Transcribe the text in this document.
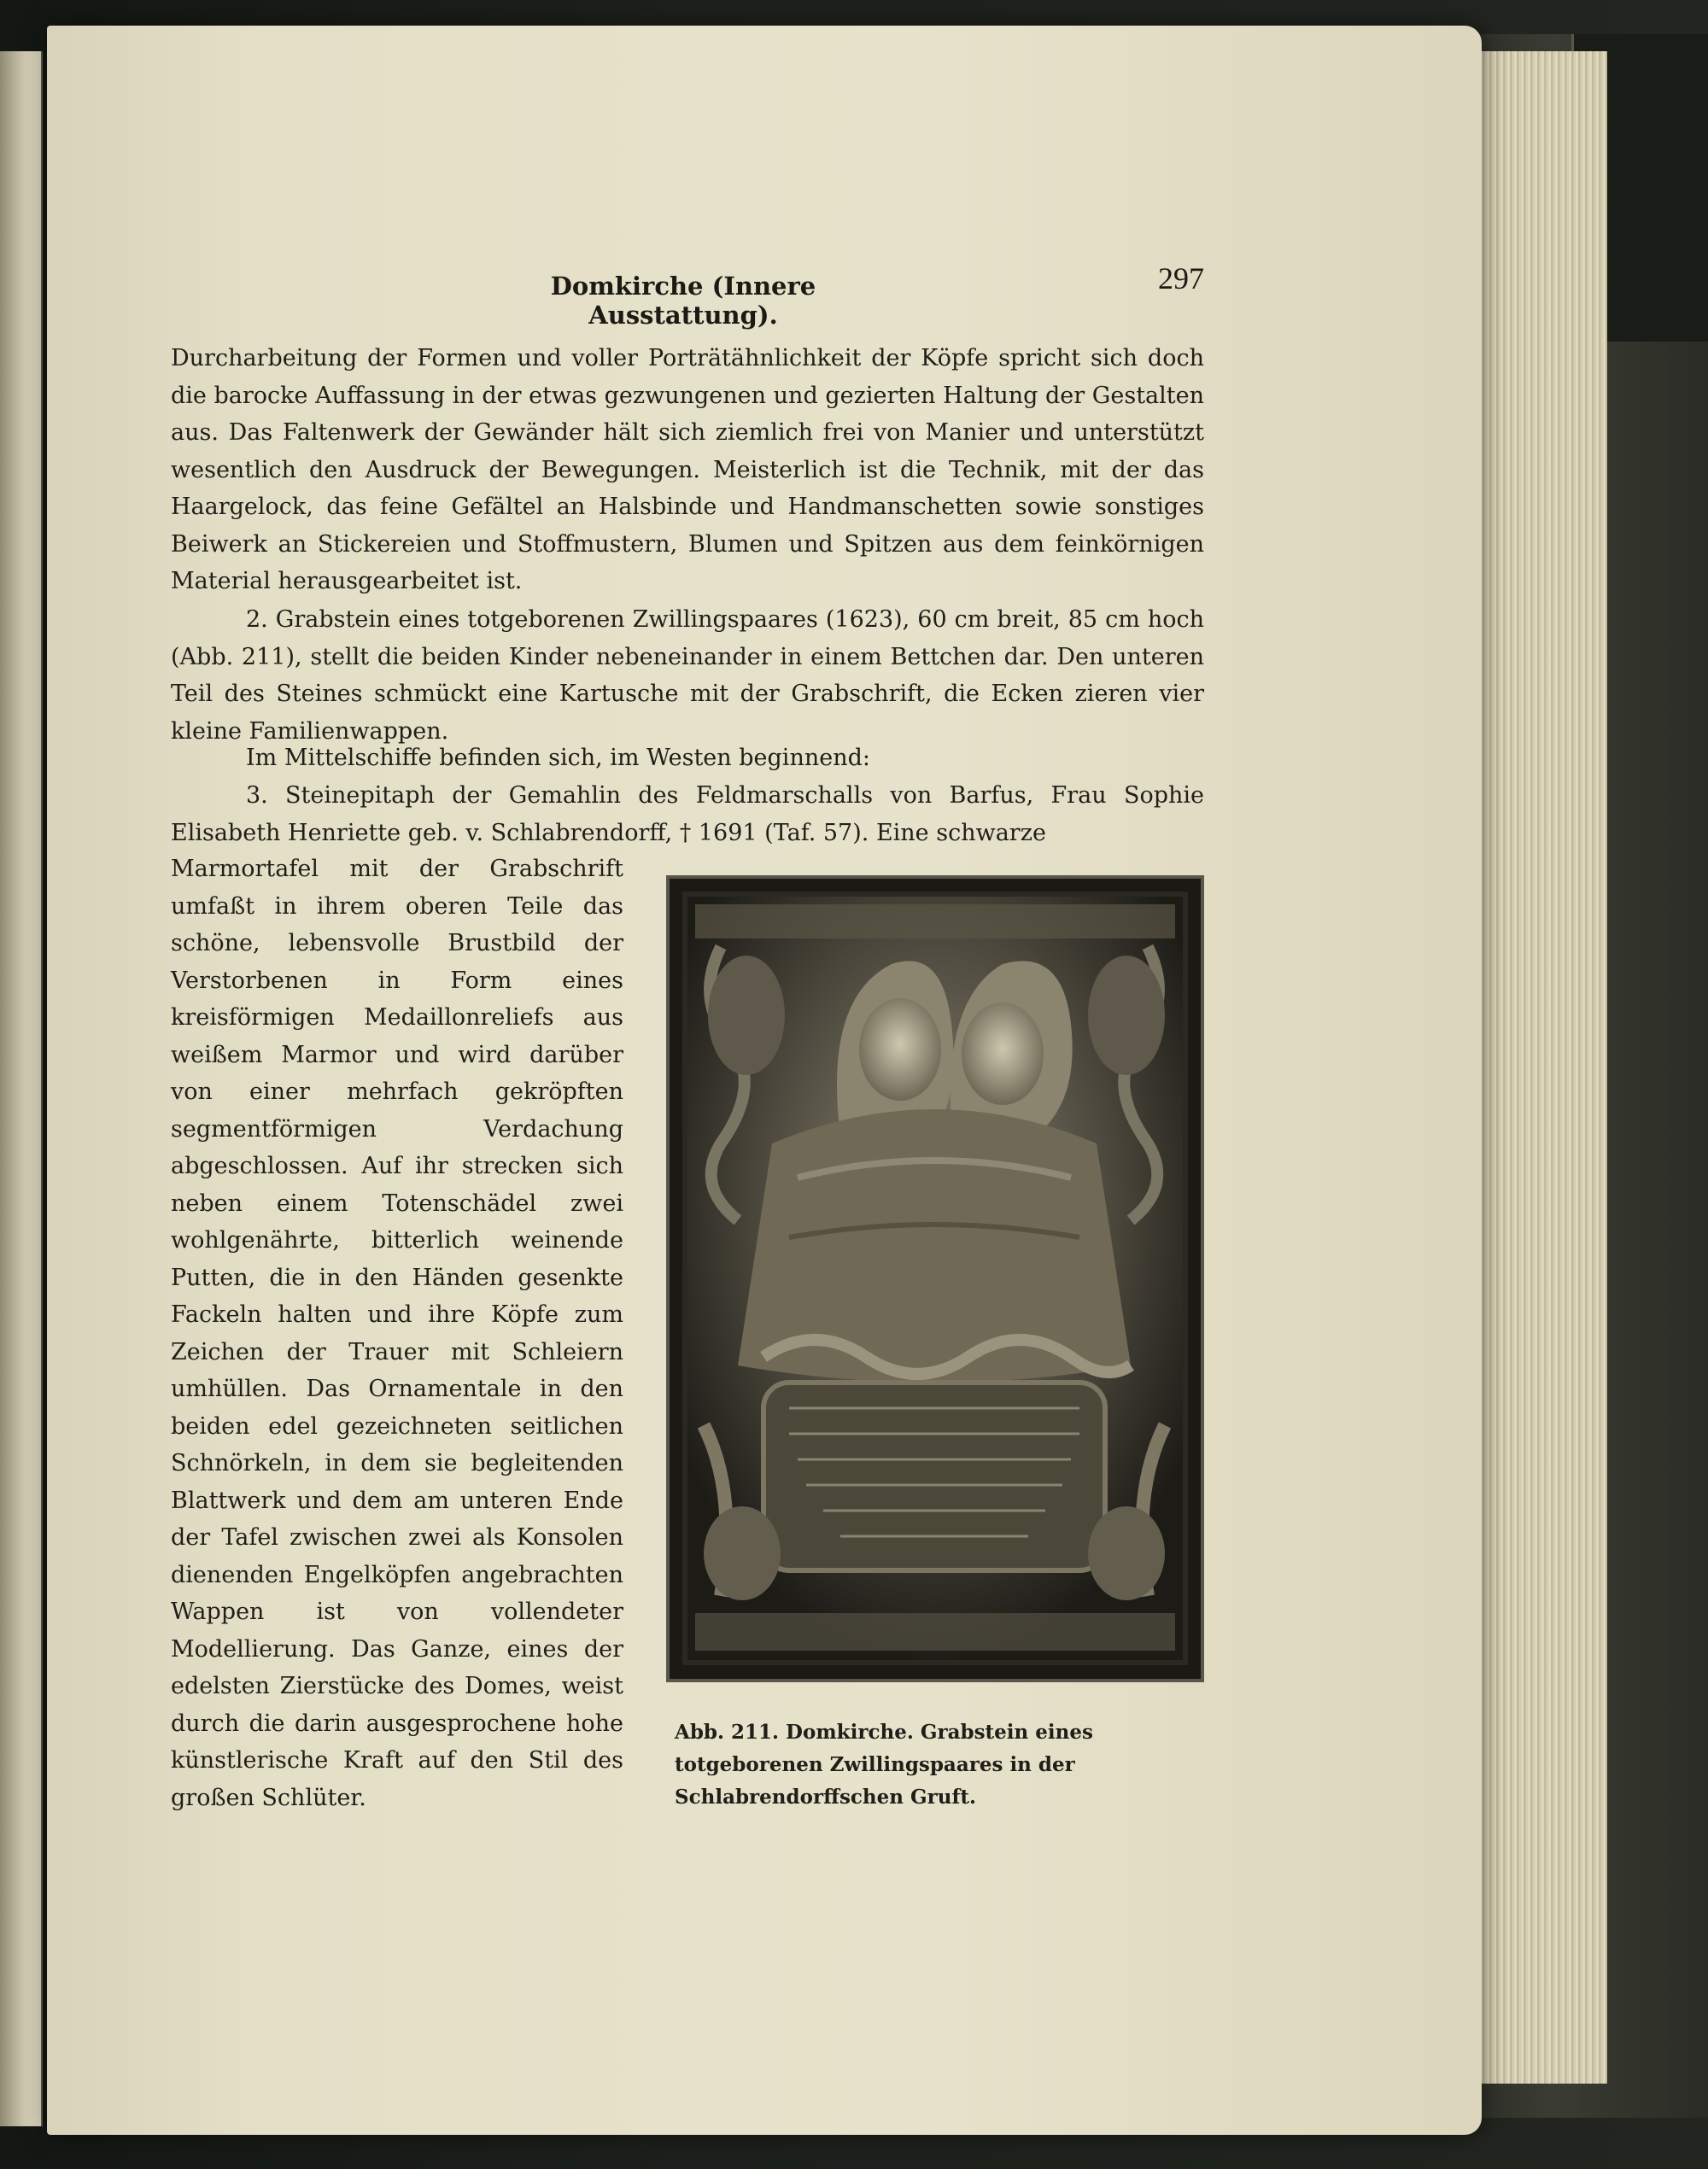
Domkirche (Innere Ausstattung).
297

Durcharbeitung der Formen und voller Porträtähnlichkeit der Köpfe spricht sich doch die barocke Auffassung in der etwas gezwungenen und gezierten Haltung der Gestalten aus. Das Faltenwerk der Gewänder hält sich ziemlich frei von Manier und unterstützt wesentlich den Ausdruck der Bewegungen. Meisterlich ist die Technik, mit der das Haargelock, das feine Gefältel an Halsbinde und Handmanschetten sowie sonstiges Beiwerk an Stickereien und Stoffmustern, Blumen und Spitzen aus dem feinkörnigen Material herausgearbeitet ist.

2. Grabstein eines totgeborenen Zwillingspaares (1623), 60 cm breit, 85 cm hoch (Abb. 211), stellt die beiden Kinder nebeneinander in einem Bettchen dar. Den unteren Teil des Steines schmückt eine Kartusche mit der Grabschrift, die Ecken zieren vier kleine Familienwappen.

Im Mittelschiffe befinden sich, im Westen beginnend:

3. Steinepitaph der Gemahlin des Feldmarschalls von Barfus, Frau Sophie Elisabeth Henriette geb. v. Schlabrendorff, † 1691 (Taf. 57). Eine schwarze

Marmortafel mit der Grabschrift umfaßt in ihrem oberen Teile das schöne, lebensvolle Brustbild der Verstorbenen in Form eines kreisförmigen Medaillonreliefs aus weißem Marmor und wird darüber von einer mehrfach gekröpften segmentförmigen Verdachung abgeschlossen. Auf ihr strecken sich neben einem Totenschädel zwei wohlgenährte, bitterlich weinende Putten, die in den Händen gesenkte Fackeln halten und ihre Köpfe zum Zeichen der Trauer mit Schleiern umhüllen. Das Ornamentale in den beiden edel gezeichneten seitlichen Schnörkeln, in dem sie begleitenden Blattwerk und dem am unteren Ende der Tafel zwischen zwei als Konsolen dienenden Engelköpfen angebrachten Wappen ist von vollendeter Modellierung. Das Ganze, eines der edelsten Zierstücke des Domes, weist durch die darin ausgesprochene hohe künstlerische Kraft auf den Stil des großen Schlüter.

Abb. 211. Domkirche. Grabstein eines totgeborenen Zwillingspaares in der Schlabrendorffschen Gruft.
